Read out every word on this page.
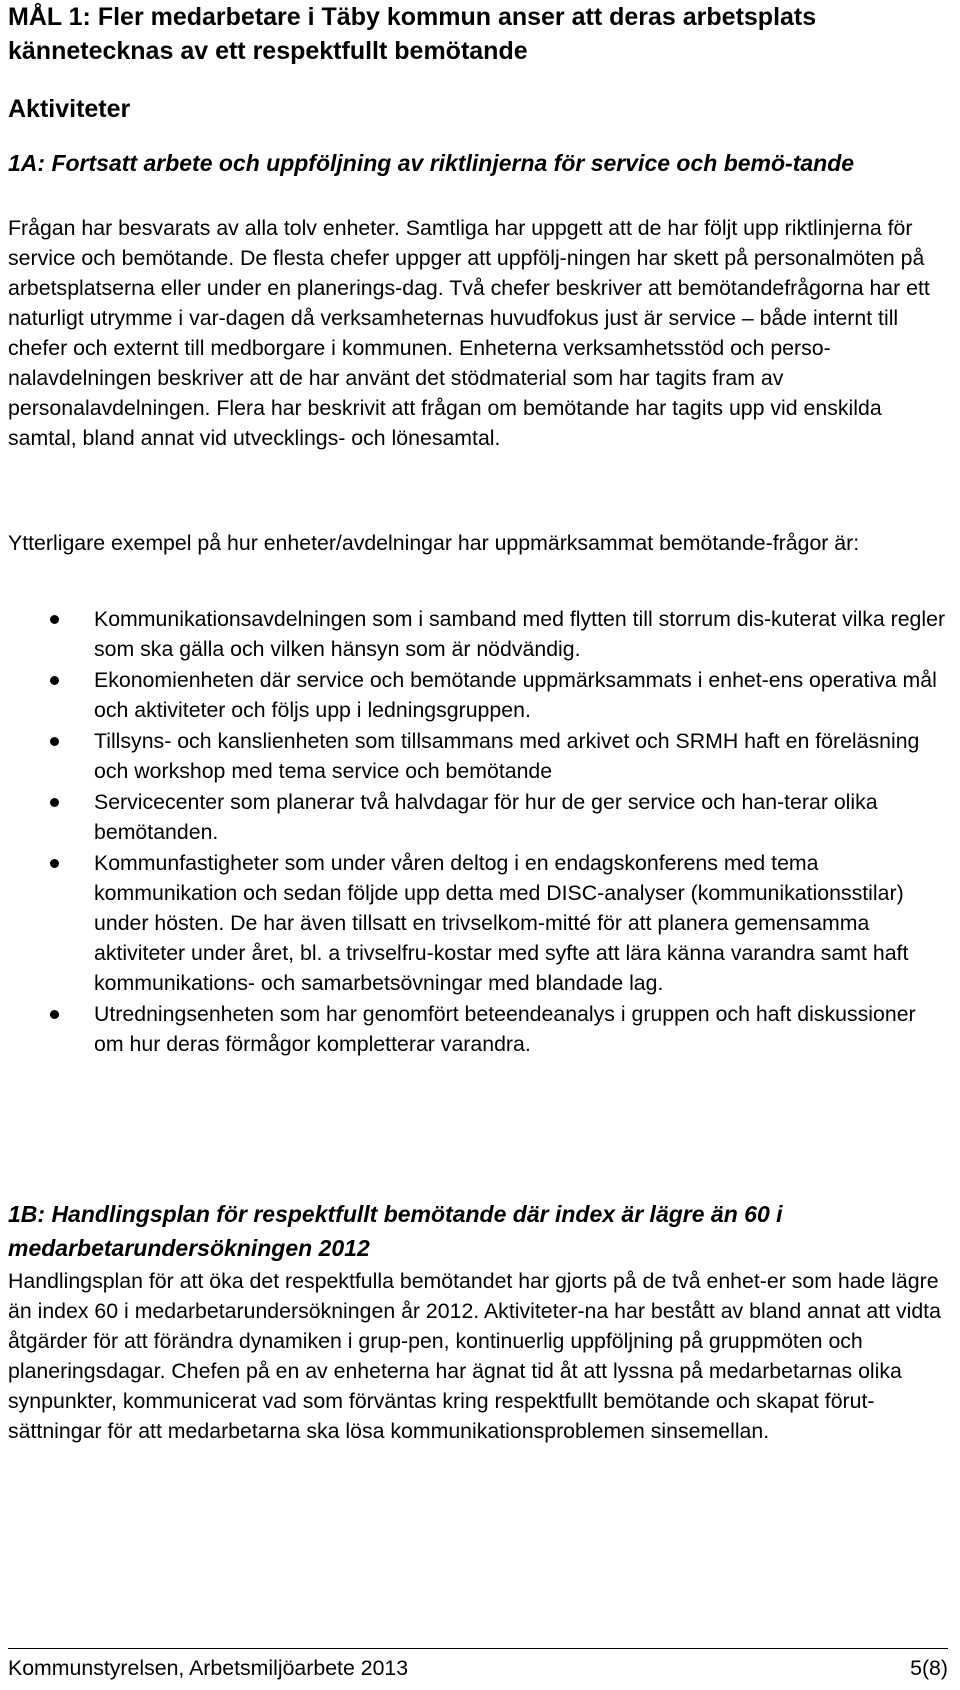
MÅL 1: Fler medarbetare i Täby kommun anser att deras arbetsplats kännetecknas av ett respektfullt bemötande
Aktiviteter
1A: Fortsatt arbete och uppföljning av riktlinjerna för service och bemö-tande
Frågan har besvarats av alla tolv enheter. Samtliga har uppgett att de har följt upp riktlinjerna för service och bemötande. De flesta chefer uppger att uppfölj-ningen har skett på personalmöten på arbetsplatserna eller under en planerings-dag. Två chefer beskriver att bemötandefrågorna har ett naturligt utrymme i var-dagen då verksamheternas huvudfokus just är service – både internt till chefer och externt till medborgare i kommunen. Enheterna verksamhetsstöd och perso-nalavdelningen beskriver att de har använt det stödmaterial som har tagits fram av personalavdelningen. Flera har beskrivit att frågan om bemötande har tagits upp vid enskilda samtal, bland annat vid utvecklings- och lönesamtal.
Ytterligare exempel på hur enheter/avdelningar har uppmärksammat bemötande-frågor är:
Kommunikationsavdelningen som i samband med flytten till storrum dis-kuterat vilka regler som ska gälla och vilken hänsyn som är nödvändig.
Ekonomienheten där service och bemötande uppmärksammats i enhet-ens operativa mål och aktiviteter och följs upp i ledningsgruppen.
Tillsyns- och kanslienheten som tillsammans med arkivet och SRMH haft en föreläsning och workshop med tema service och bemötande
Servicecenter som planerar två halvdagar för hur de ger service och han-terar olika bemötanden.
Kommunfastigheter som under våren deltog i en endagskonferens med tema kommunikation och sedan följde upp detta med DISC-analyser (kommunikationsstilar) under hösten. De har även tillsatt en trivselkom-mitté för att planera gemensamma aktiviteter under året, bl. a trivselfru-kostar med syfte att lära känna varandra samt haft kommunikations- och samarbetsövningar med blandade lag.
Utredningsenheten som har genomfört beteendeanalys i gruppen och haft diskussioner om hur deras förmågor kompletterar varandra.
1B: Handlingsplan för respektfullt bemötande där index är lägre än 60 i medarbetarundersökningen 2012
Handlingsplan för att öka det respektfulla bemötandet har gjorts på de två enhet-er som hade lägre än index 60 i medarbetarundersökningen år 2012. Aktiviteter-na har bestått av bland annat att vidta åtgärder för att förändra dynamiken i grup-pen, kontinuerlig uppföljning på gruppmöten och planeringsdagar. Chefen på en av enheterna har ägnat tid åt att lyssna på medarbetarnas olika synpunkter, kommunicerat vad som förväntas kring respektfullt bemötande och skapat förut-sättningar för att medarbetarna ska lösa kommunikationsproblemen sinsemellan.
Kommunstyrelsen, Arbetsmiljöarbete 2013	5(8)
